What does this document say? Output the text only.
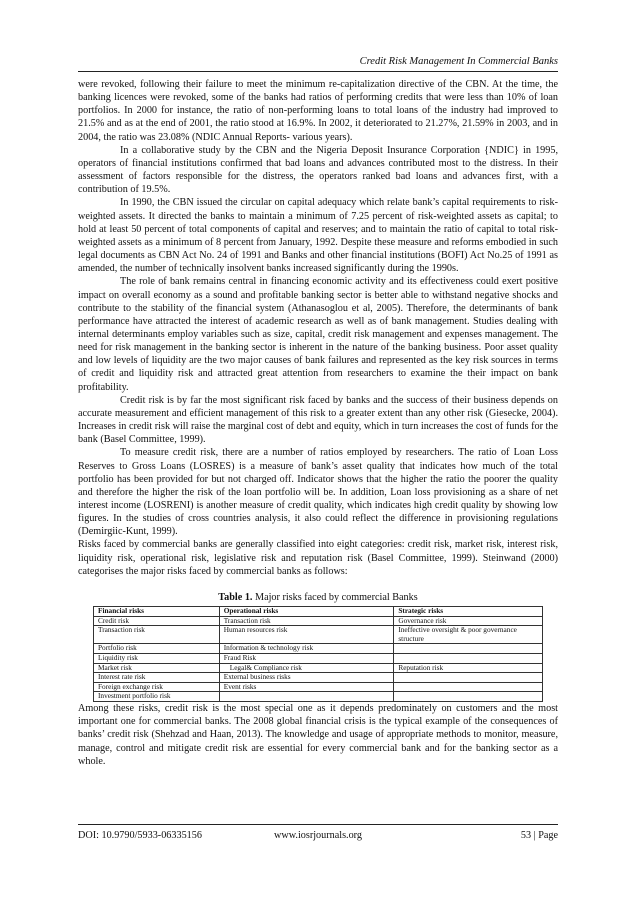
Credit Risk Management In Commercial Banks

were revoked, following their failure to meet the minimum re-capitalization directive of the CBN. At the time, the banking licences were revoked, some of the banks had ratios of performing credits that were less than 10% of loan portfolios. In 2000 for instance, the ratio of non-performing loans to total loans of the industry had improved to 21.5% and as at the end of 2001, the ratio stood at 16.9%. In 2002, it deteriorated to 21.27%, 21.59% in 2003, and in 2004, the ratio was 23.08% (NDIC Annual Reports- various years).

In a collaborative study by the CBN and the Nigeria Deposit Insurance Corporation {NDIC} in 1995, operators of financial institutions confirmed that bad loans and advances contributed most to the distress. In their assessment of factors responsible for the distress, the operators ranked bad loans and advances first, with a contribution of 19.5%.

In 1990, the CBN issued the circular on capital adequacy which relate bank’s capital requirements to risk-weighted assets. It directed the banks to maintain a minimum of 7.25 percent of risk-weighted assets as capital; to hold at least 50 percent of total components of capital and reserves; and to maintain the ratio of capital to total risk-weighted assets as a minimum of 8 percent from January, 1992. Despite these measure and reforms embodied in such legal documents as CBN Act No. 24 of 1991 and Banks and other financial institutions (BOFI) Act No.25 of 1991 as amended, the number of technically insolvent banks increased significantly during the 1990s.

The role of bank remains central in financing economic activity and its effectiveness could exert positive impact on overall economy as a sound and profitable banking sector is better able to withstand negative shocks and contribute to the stability of the financial system (Athanasoglou et al, 2005). Therefore, the determinants of bank performance have attracted the interest of academic research as well as of bank management. Studies dealing with internal determinants employ variables such as size, capital, credit risk management and expenses management. The need for risk management in the banking sector is inherent in the nature of the banking business. Poor asset quality and low levels of liquidity are the two major causes of bank failures and represented as the key risk sources in terms of credit and liquidity risk and attracted great attention from researchers to examine the their impact on bank profitability.

Credit risk is by far the most significant risk faced by banks and the success of their business depends on accurate measurement and efficient management of this risk to a greater extent than any other risk (Giesecke, 2004). Increases in credit risk will raise the marginal cost of debt and equity, which in turn increases the cost of funds for the bank (Basel Committee, 1999).

To measure credit risk, there are a number of ratios employed by researchers. The ratio of Loan Loss Reserves to Gross Loans (LOSRES) is a measure of bank’s asset quality that indicates how much of the total portfolio has been provided for but not charged off. Indicator shows that the higher the ratio the poorer the quality and therefore the higher the risk of the loan portfolio will be. In addition, Loan loss provisioning as a share of net interest income (LOSRENI) is another measure of credit quality, which indicates high credit quality by showing low figures. In the studies of cross countries analysis, it also could reflect the difference in provisioning regulations (Demirgiic-Kunt, 1999).

Risks faced by commercial banks are generally classified into eight categories: credit risk, market risk, interest risk, liquidity risk, operational risk, legislative risk and reputation risk (Basel Committee, 1999). Steinwand (2000) categorises the major risks faced by commercial banks as follows:

Table 1. Major risks faced by commercial Banks
Financial risks	Operational risks	Strategic risks
Credit risk	Transaction risk	Governance risk
Transaction risk	Human resources risk	Ineffective oversight & poor governance structure
Portfolio risk	Information & technology risk	
Liquidity risk	Fraud Risk	
Market risk	Legal& Compliance risk	Reputation risk
Interest rate risk	External business risks	
Foreign exchange risk	Event risks	
Investment portfolio risk		

Among these risks, credit risk is the most special one as it depends predominately on customers and the most important one for commercial banks. The 2008 global financial crisis is the typical example of the consequences of banks’ credit risk (Shehzad and Haan, 2013). The knowledge and usage of appropriate methods to monitor, measure, manage, control and mitigate credit risk are essential for every commercial bank and for the banking sector as a whole.

www.iosrjournals.org
DOI: 10.9790/5933-06335156	53 | Page
